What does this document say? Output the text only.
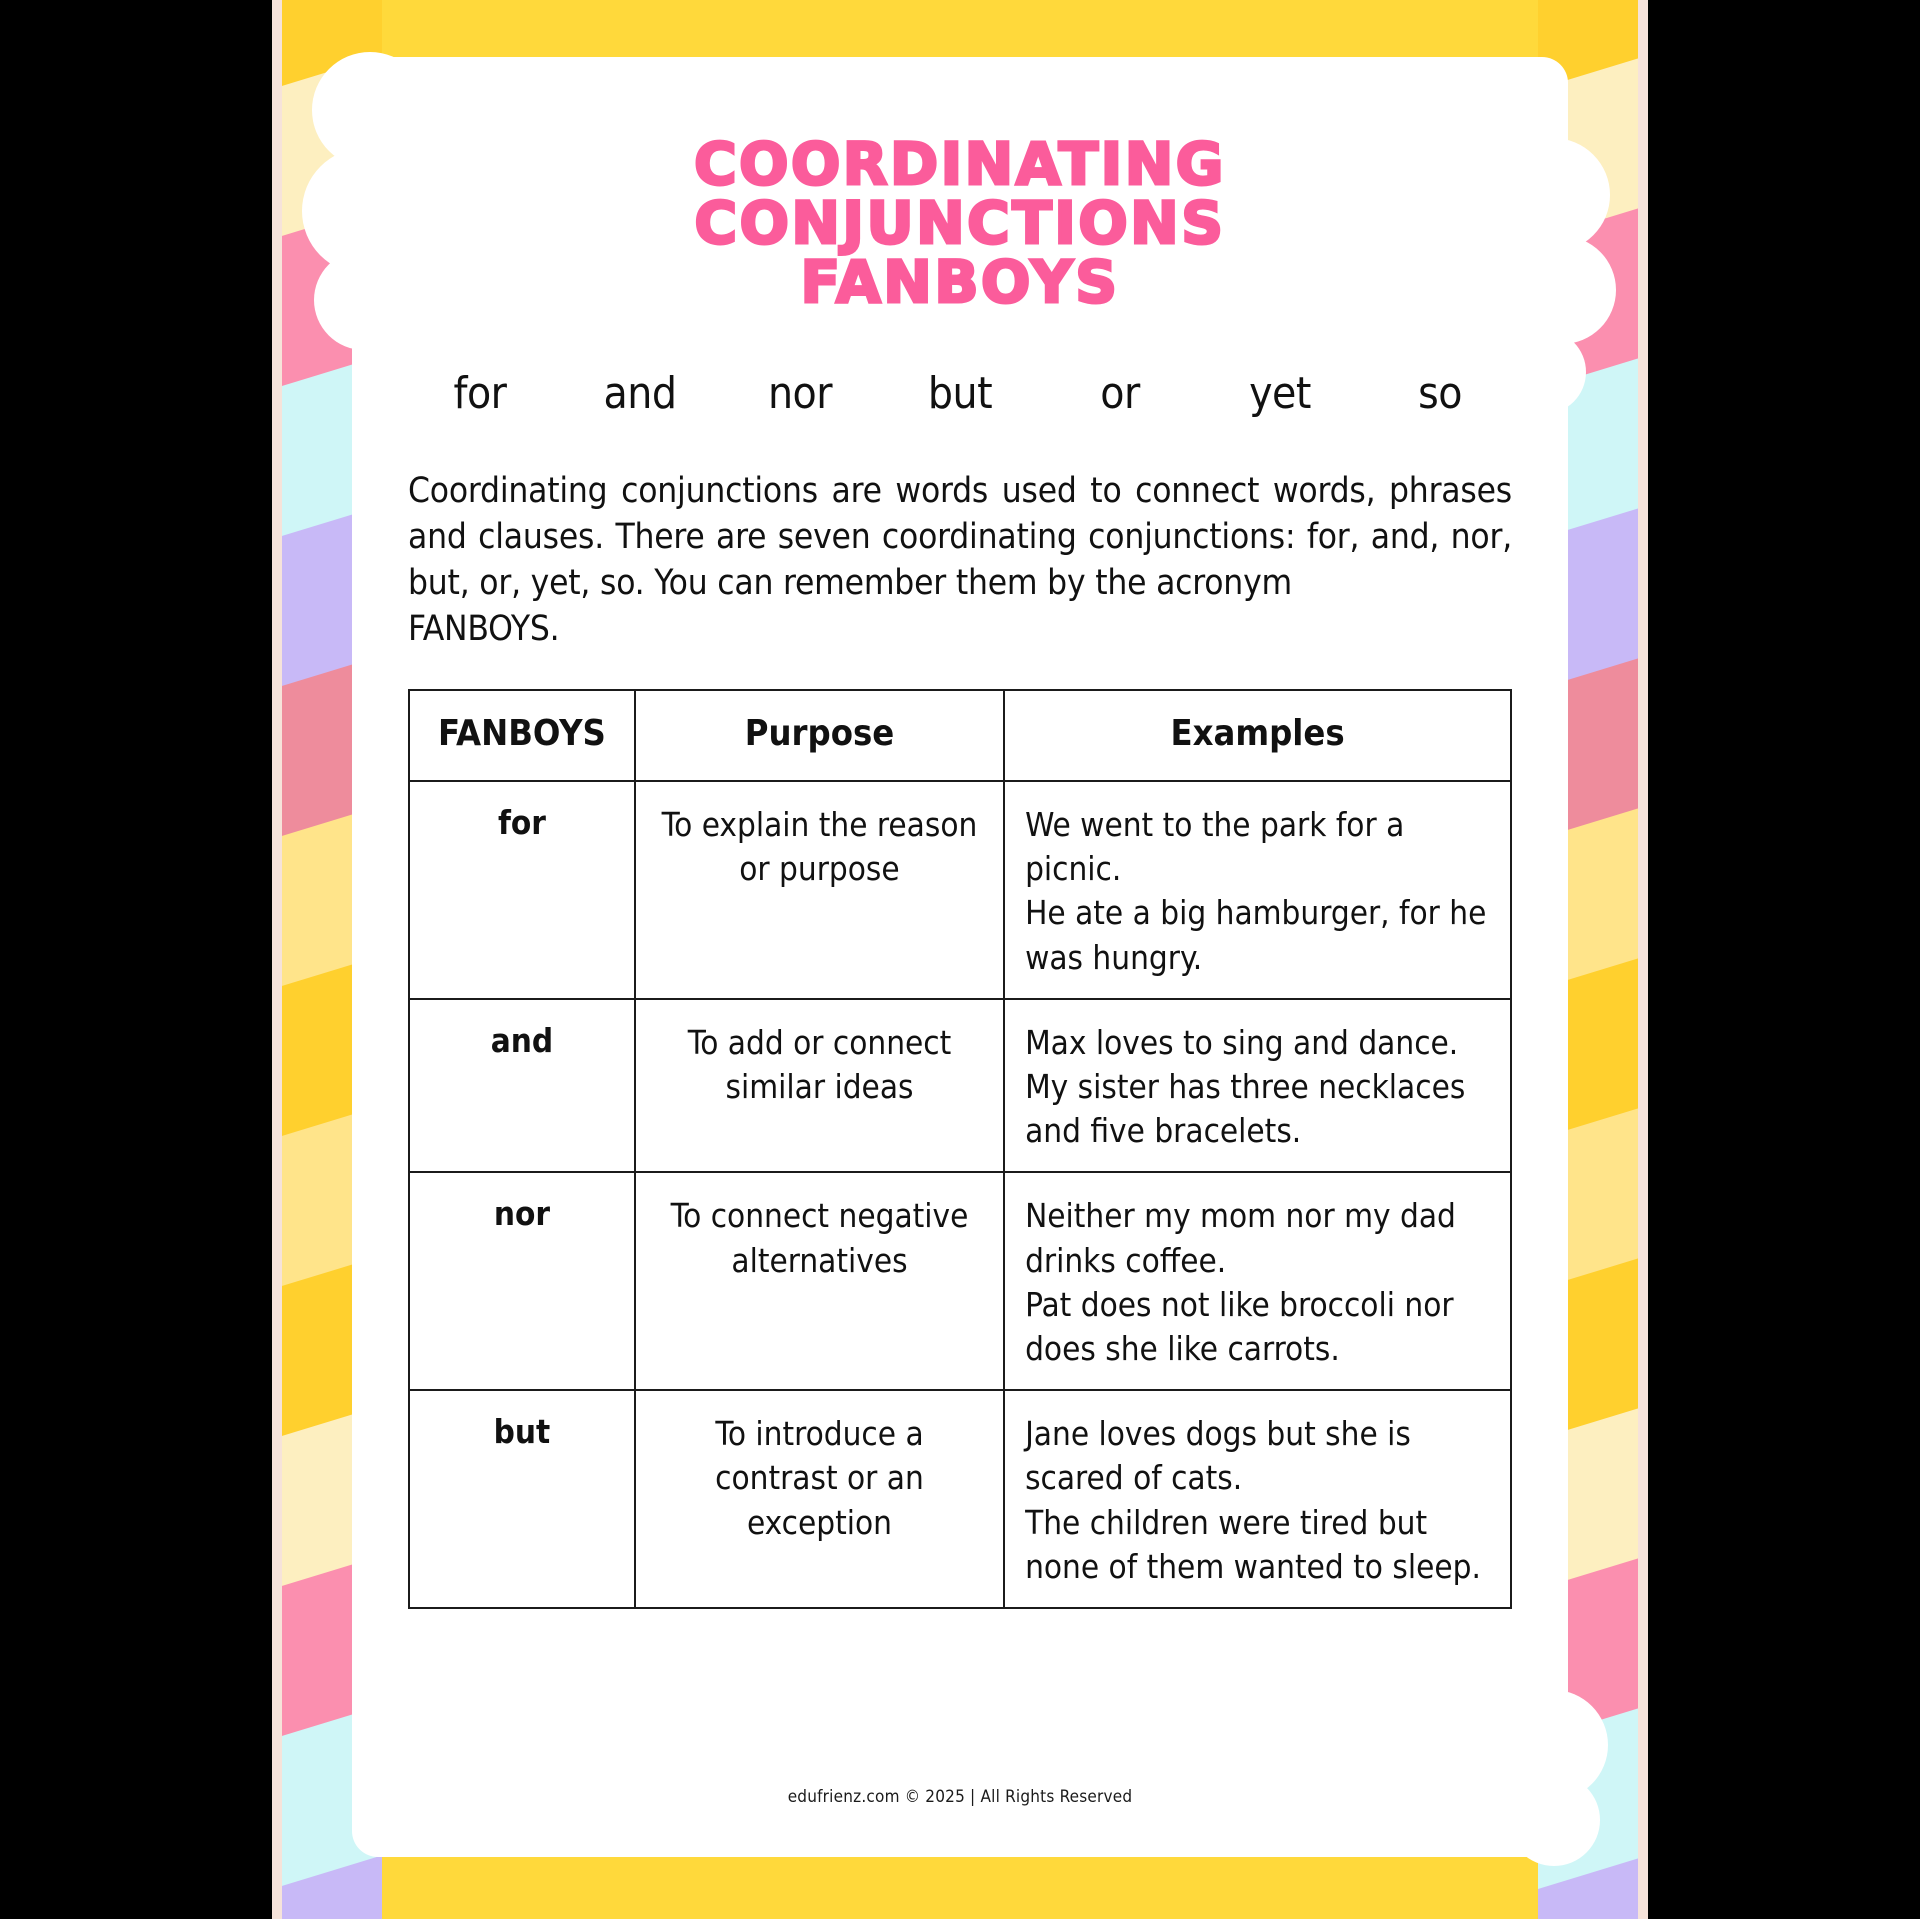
COORDINATING
CONJUNCTIONS
FANBOYS
for	and	nor	but	or	yet	so
Coordinating conjunctions are words used to connect words, phrases and clauses. There are seven coordinating conjunctions: for, and, nor, but, or, yet, so. You can remember them by the acronym
FANBOYS.
FANBOYS	Purpose	Examples
for	To explain the reason or purpose	We went to the park for a picnic.
He ate a big hamburger, for he was hungry.

and	To add or connect similar ideas	Max loves to sing and dance.
My sister has three necklaces and five bracelets.

nor	To connect negative alternatives	Neither my mom nor my dad drinks coffee.
Pat does not like broccoli nor does she like carrots.

but	To introduce a contrast or an exception	Jane loves dogs but she is scared of cats.
The children were tired but none of them wanted to sleep.
edufrienz.com © 2025 | All Rights Reserved
